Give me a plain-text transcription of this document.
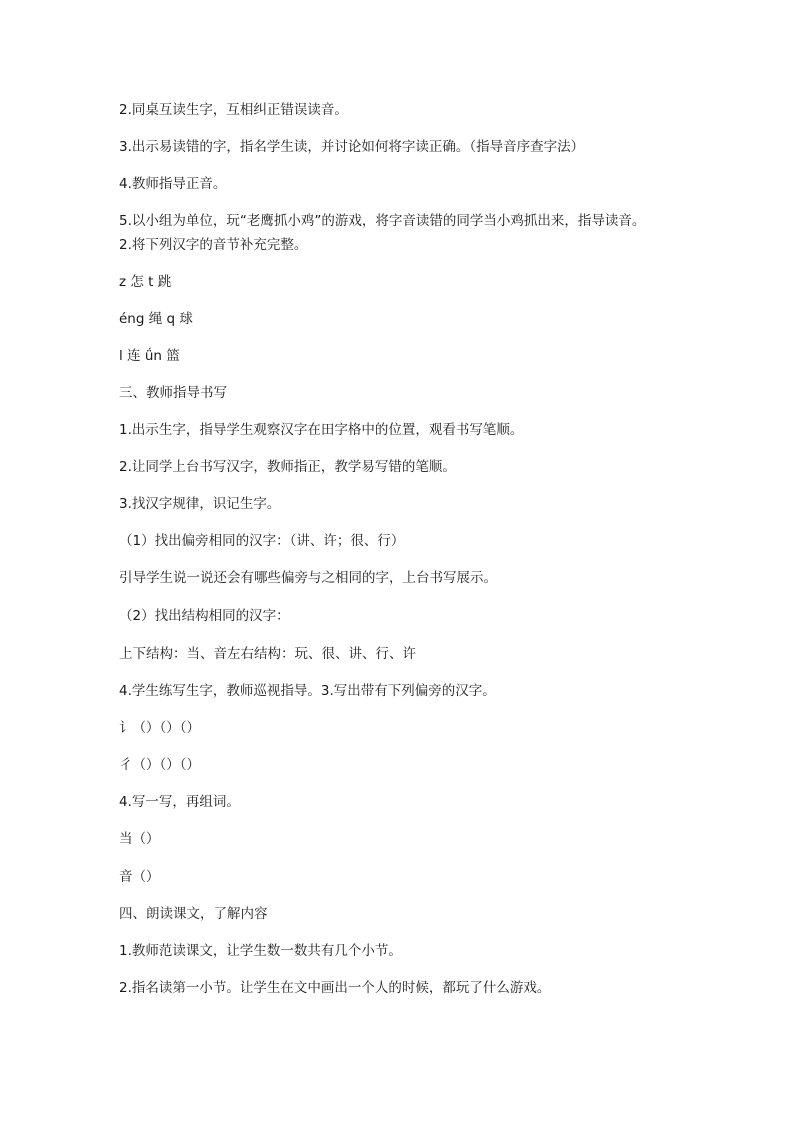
2.同桌互读生字，互相纠正错误读音。
3.出示易读错的字，指名学生读，并讨论如何将字读正确。（指导音序查字法）
4.教师指导正音。
5.以小组为单位，玩“老鹰抓小鸡”的游戏，将字音读错的同学当小鸡抓出来，指导读音。
2.将下列汉字的音节补充完整。
z 怎 t 跳
éng 绳 q 球
l 连 ǘn 篮
三、教师指导书写
1.出示生字，指导学生观察汉字在田字格中的位置，观看书写笔顺。
2.让同学上台书写汉字，教师指正，教学易写错的笔顺。
3.找汉字规律，识记生字。
（1）找出偏旁相同的汉字：（讲、许；很、行）
引导学生说一说还会有哪些偏旁与之相同的字，上台书写展示。
（2）找出结构相同的汉字：
上下结构：当、音左右结构：玩、很、讲、行、许
4.学生练写生字，教师巡视指导。3.写出带有下列偏旁的汉字。
讠（）（）（）
彳（）（）（）
4.写一写，再组词。
当（）
音（）
四、朗读课文，了解内容
1.教师范读课文，让学生数一数共有几个小节。
2.指名读第一小节。让学生在文中画出一个人的时候，都玩了什么游戏。
